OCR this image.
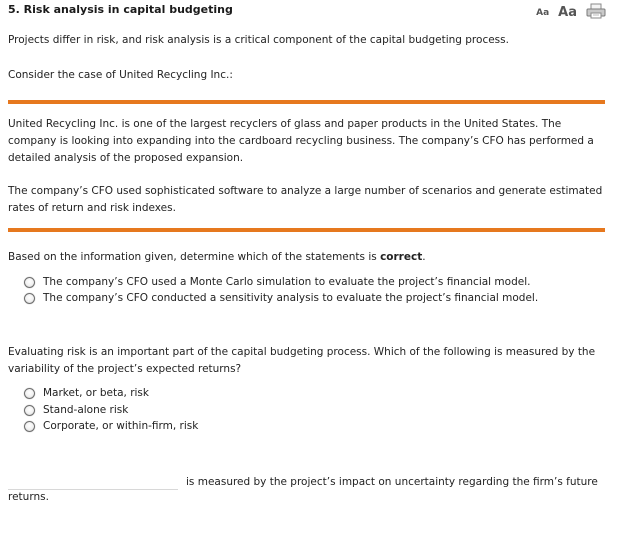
5. Risk analysis in capital budgeting	Aa Aa

Projects differ in risk, and risk analysis is a critical component of the capital budgeting process.

Consider the case of United Recycling Inc.:

United Recycling Inc. is one of the largest recyclers of glass and paper products in the United States. The company is looking into expanding into the cardboard recycling business. The company’s CFO has performed a detailed analysis of the proposed expansion.

The company’s CFO used sophisticated software to analyze a large number of scenarios and generate estimated rates of return and risk indexes.

Based on the information given, determine which of the statements is correct.

The company’s CFO used a Monte Carlo simulation to evaluate the project’s financial model.
The company’s CFO conducted a sensitivity analysis to evaluate the project’s financial model.

Evaluating risk is an important part of the capital budgeting process. Which of the following is measured by the variability of the project’s expected returns?

Market, or beta, risk
Stand-alone risk
Corporate, or within-firm, risk
is measured by the project’s impact on uncertainty regarding the firm’s future
returns.
